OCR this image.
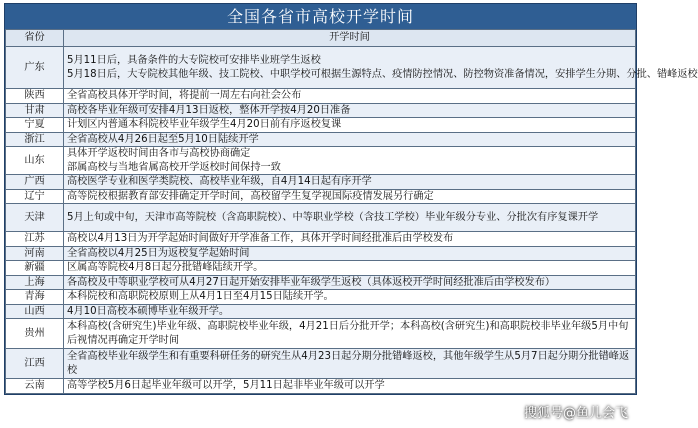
全国各省市高校开学时间
省份	开学时间
广东	5月11日后，具备条件的大专院校可安排毕业班学生返校
5月18日后，大专院校其他年级、技工院校、中职学校可根据生源特点、疫情防控情况、防控物资准备情况，安排学生分期、分批、错峰返校

陕西	全省高校具体开学时间，将提前一周左右向社会公布

甘肃	高校各毕业年级可安排4月13日返校，整体开学按4月20日准备

宁夏	计划区内普通本科院校毕业年级学生4月20日前有序返校复课

浙江	全省高校从4月26日起至5月10日陆续开学

山东	具体开学返校时间由各市与高校协商确定
部属高校与当地省属高校开学返校时间保持一致

广西	高校医学专业和医学类院校、高校毕业年级，自4月14日起有序开学

辽宁	高等院校根据教育部安排确定开学时间，高校留学生复学视国际疫情发展另行确定

天津	5月上旬或中旬，天津市高等院校（含高职院校）、中等职业学校（含技工学校）毕业年级分专业、分批次有序复课开学

江苏	高校以4月13日为开学起始时间做好开学准备工作，具体开学时间经批准后由学校发布

河南	全省高校以4月25日为返校复学起始时间

新疆	区属高等院校4月8日起分批错峰陆续开学。

上海	各高校及中等职业学校可从4月27日起开始安排毕业年级学生返校（具体返校开学时间经批准后由学校发布）

青海	本科院校和高职院校原则上从4月1日至4月15日陆续开学。

山西	4月10日高校本硕博毕业年级开学。

贵州	本科高校(含研究生)毕业年级、高职院校毕业年级，4月21日后分批开学；本科高校(含研究生)和高职院校非毕业年级5月中旬后视情况再确定开学时间

江西	全省高校毕业年级学生和有重要科研任务的研究生从4月23日起分期分批错峰返校，其他年级学生从5月7日起分期分批错峰返校

云南	高等学校5月6日起毕业年级可以开学，5月11日起非毕业年级可以开学
搜狐号@鱼儿会飞
